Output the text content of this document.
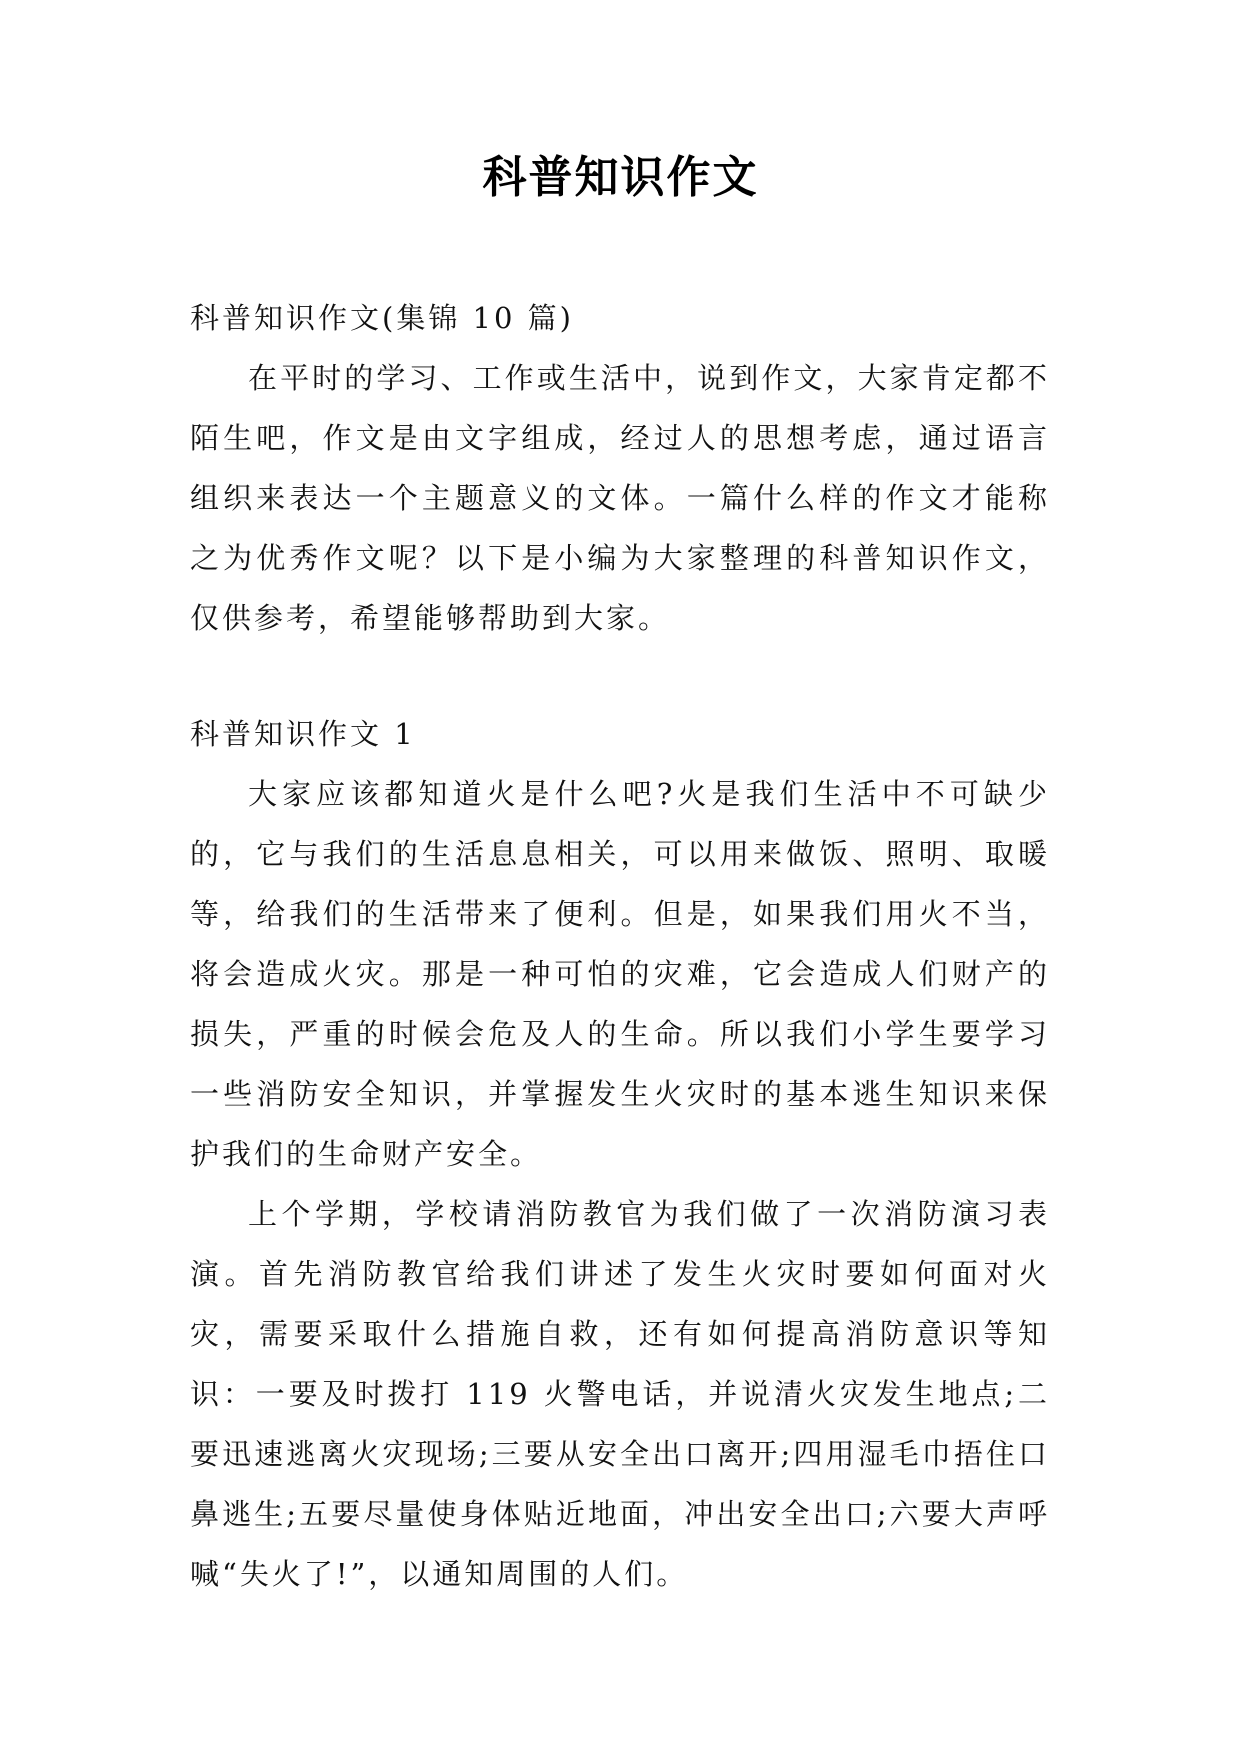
科普知识作文

科普知识作文(集锦 10 篇)

在平时的学习、工作或生活中，说到作文，大家肯定都不陌生吧，作文是由文字组成，经过人的思想考虑，通过语言组织来表达一个主题意义的文体。一篇什么样的作文才能称之为优秀作文呢？以下是小编为大家整理的科普知识作文，仅供参考，希望能够帮助到大家。

科普知识作文 1

大家应该都知道火是什么吧?火是我们生活中不可缺少的，它与我们的生活息息相关，可以用来做饭、照明、取暖等，给我们的生活带来了便利。但是，如果我们用火不当，将会造成火灾。那是一种可怕的灾难，它会造成人们财产的损失，严重的时候会危及人的生命。所以我们小学生要学习一些消防安全知识，并掌握发生火灾时的基本逃生知识来保护我们的生命财产安全。

上个学期，学校请消防教官为我们做了一次消防演习表演。首先消防教官给我们讲述了发生火灾时要如何面对火灾，需要采取什么措施自救，还有如何提高消防意识等知识：一要及时拨打 119 火警电话，并说清火灾发生地点;二要迅速逃离火灾现场;三要从安全出口离开;四用湿毛巾捂住口鼻逃生;五要尽量使身体贴近地面，冲出安全出口;六要大声呼喊“失火了!”，以通知周围的人们。
